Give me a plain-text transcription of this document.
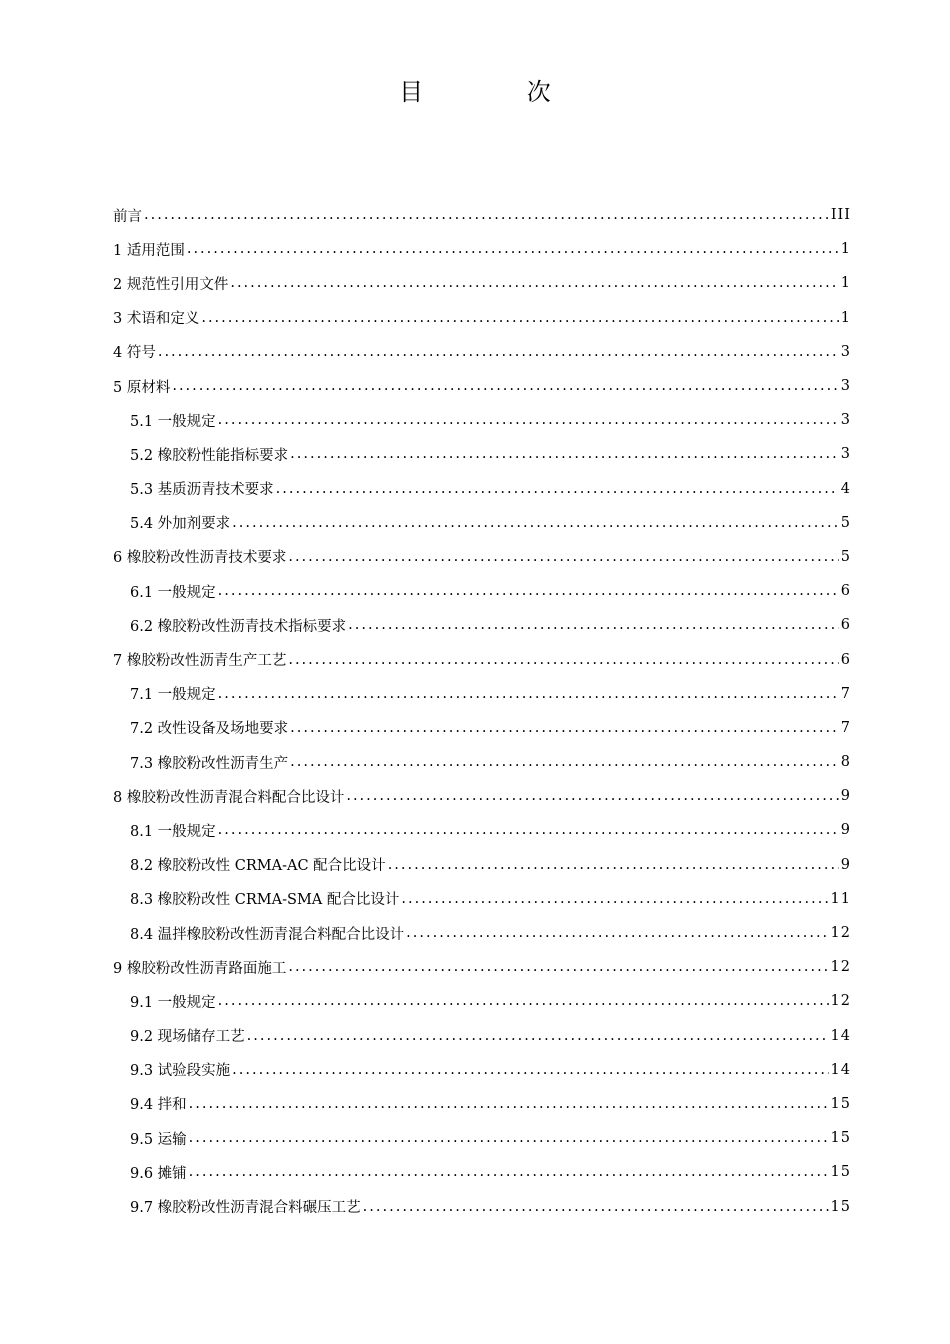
目 次
前言 .....	III
1 适用范围 .....	1
2 规范性引用文件 .....	1
3 术语和定义 .....	1
4 符号 .....	3
5 原材料 .....	3
5.1 一般规定 .....	3
5.2 橡胶粉性能指标要求 .....	3
5.3 基质沥青技术要求 .....	4
5.4 外加剂要求 .....	5
6 橡胶粉改性沥青技术要求 .....	5
6.1 一般规定 .....	6
6.2 橡胶粉改性沥青技术指标要求 .....	6
7 橡胶粉改性沥青生产工艺 .....	6
7.1 一般规定 .....	7
7.2 改性设备及场地要求 .....	7
7.3 橡胶粉改性沥青生产 .....	8
8 橡胶粉改性沥青混合料配合比设计 .....	9
8.1 一般规定 .....	9
8.2 橡胶粉改性 CRMA-AC 配合比设计 .....	9
8.3 橡胶粉改性 CRMA-SMA 配合比设计 .....	11
8.4 温拌橡胶粉改性沥青混合料配合比设计 .....	12
9 橡胶粉改性沥青路面施工 .....	12
9.1 一般规定 .....	12
9.2 现场储存工艺 .....	14
9.3 试验段实施 .....	14
9.4 拌和 .....	15
9.5 运输 .....	15
9.6 摊铺 .....	15
9.7 橡胶粉改性沥青混合料碾压工艺 .....	15
